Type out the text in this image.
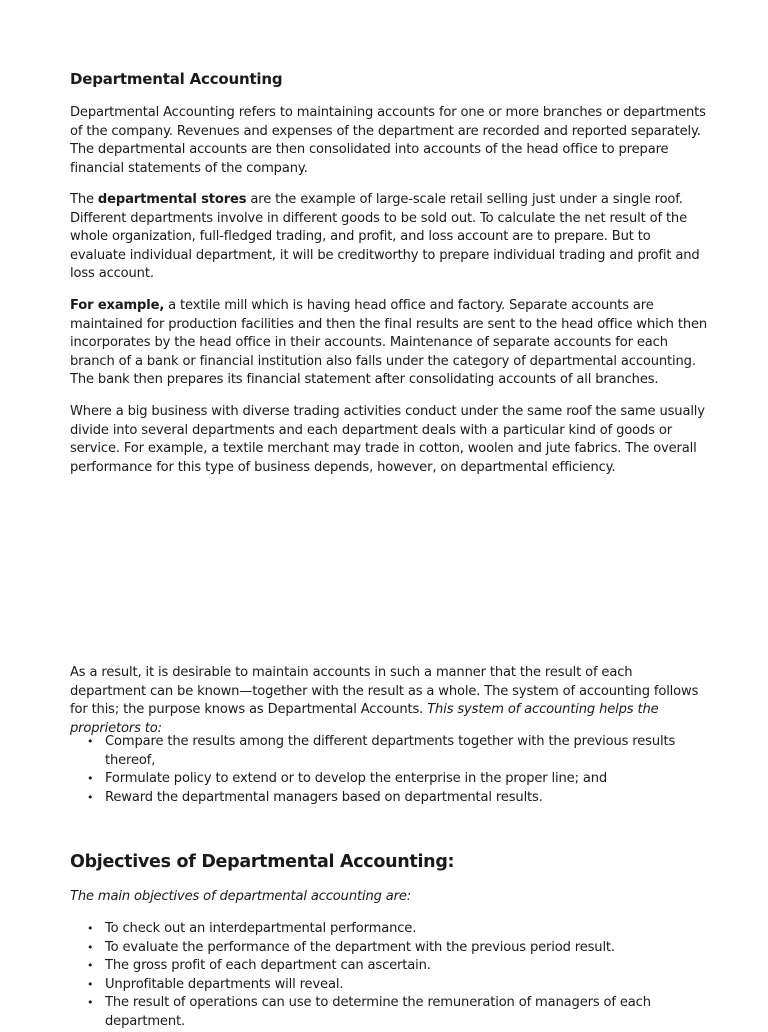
Departmental Accounting

Departmental Accounting refers to maintaining accounts for one or more branches or departments of the company. Revenues and expenses of the department are recorded and reported separately. The departmental accounts are then consolidated into accounts of the head office to prepare financial statements of the company.

The departmental stores are the example of large-scale retail selling just under a single roof. Different departments involve in different goods to be sold out. To calculate the net result of the whole organization, full-fledged trading, and profit, and loss account are to prepare. But to evaluate individual department, it will be creditworthy to prepare individual trading and profit and loss account.

For example, a textile mill which is having head office and factory. Separate accounts are maintained for production facilities and then the final results are sent to the head office which then incorporates by the head office in their accounts. Maintenance of separate accounts for each branch of a bank or financial institution also falls under the category of departmental accounting. The bank then prepares its financial statement after consolidating accounts of all branches.

Where a big business with diverse trading activities conduct under the same roof the same usually divide into several departments and each department deals with a particular kind of goods or service. For example, a textile merchant may trade in cotton, woolen and jute fabrics. The overall performance for this type of business depends, however, on departmental efficiency.

As a result, it is desirable to maintain accounts in such a manner that the result of each department can be known—together with the result as a whole. The system of accounting follows for this; the purpose knows as Departmental Accounts. This system of accounting helps the proprietors to:

• Compare the results among the different departments together with the previous results thereof,
• Formulate policy to extend or to develop the enterprise in the proper line; and
• Reward the departmental managers based on departmental results.
Objectives of Departmental Accounting:

The main objectives of departmental accounting are:

• To check out an interdepartmental performance.
• To evaluate the performance of the department with the previous period result.
• The gross profit of each department can ascertain.
• Unprofitable departments will reveal.
• The result of operations can use to determine the remuneration of managers of each department.
